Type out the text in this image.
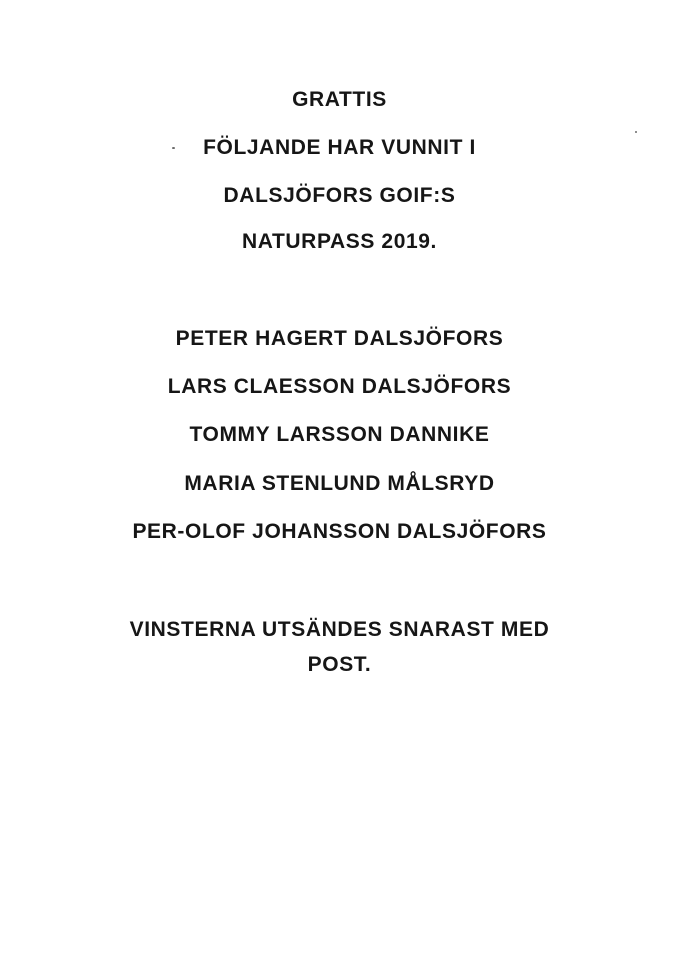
GRATTIS
FÖLJANDE HAR VUNNIT I
DALSJÖFORS GOIF:S
NATURPASS 2019.
PETER HAGERT DALSJÖFORS
LARS CLAESSON DALSJÖFORS
TOMMY LARSSON DANNIKE
MARIA STENLUND MÅLSRYD
PER-OLOF JOHANSSON DALSJÖFORS
VINSTERNA UTSÄNDES SNARAST MED
POST.
